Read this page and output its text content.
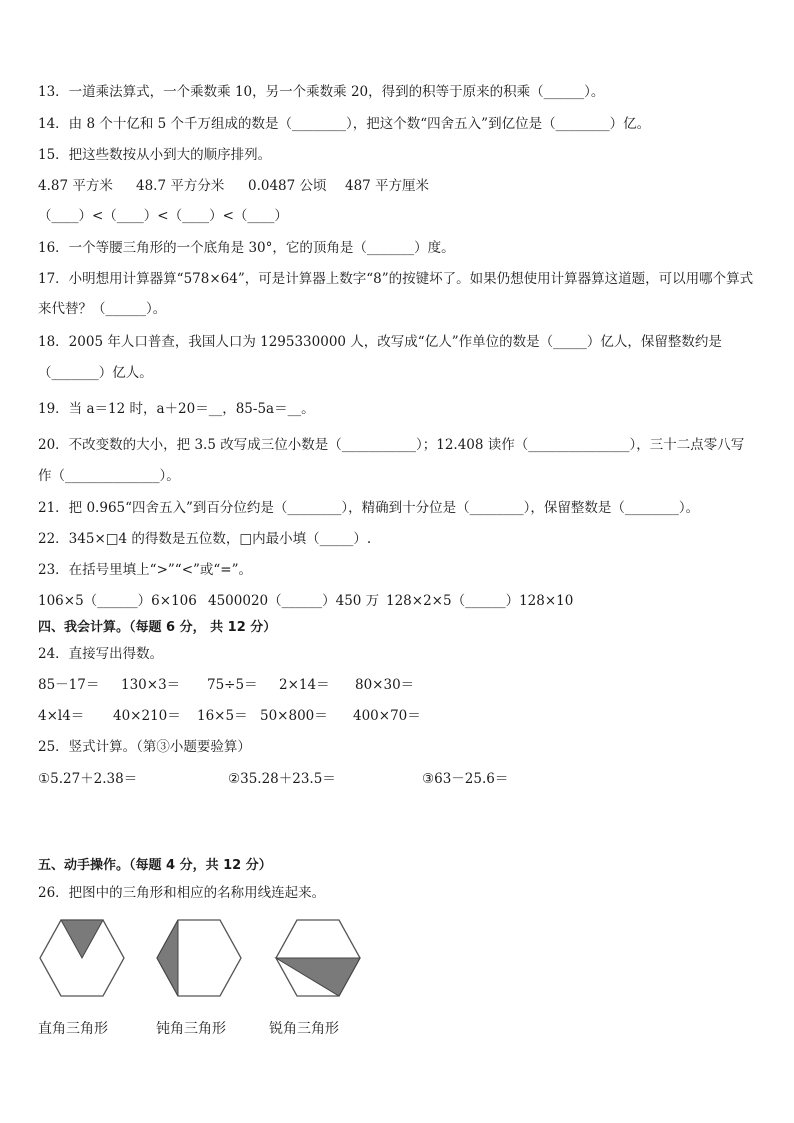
13．一道乘法算式，一个乘数乘 10，另一个乘数乘 20，得到的积等于原来的积乘（______）。
14．由 8 个十亿和 5 个千万组成的数是（________），把这个数“四舍五入”到亿位是（________）亿。
15．把这些数按从小到大的顺序排列。
4.87 平方米 48.7 平方分米 0.0487 公顷 487 平方厘米
（____）<（____）<（____）<（____）
16．一个等腰三角形的一个底角是 30°，它的顶角是（_______）度。
17．小明想用计算器算“578×64”，可是计算器上数字“8”的按键坏了。如果仍想使用计算器算这道题，可以用哪个算式
来代替？（______）。
18．2005 年人口普查，我国人口为 1295330000 人，改写成“亿人”作单位的数是（_____）亿人，保留整数约是
（_______）亿人。
19．当 a＝12 时，a＋20＝__，85-5a＝__。
20．不改变数的大小，把 3.5 改写成三位小数是（___________）；12.408 读作（_______________），三十二点零八写
作（______________）。
21．把 0.965“四舍五入”到百分位约是（________），精确到十分位是（________），保留整数是（________）。
22．345×□4 的得数是五位数，□内最小填（_____）.
23．在括号里填上“>”“<”或“=”。
106×5（______）6×106 4500020（______）450 万 128×2×5（______）128×10
四、我会计算。（每题 6 分， 共 12 分）
24．直接写出得数。
85－17＝ 130×3＝ 75÷5＝ 2×14＝ 80×30＝
4×l4＝ 40×210＝ 16×5＝ 50×800＝ 400×70＝
25．竖式计算。（第③小题要验算）
①5.27＋2.38＝	②35.28＋23.5＝	③63－25.6＝
五、动手操作。（每题 4 分，共 12 分）
26．把图中的三角形和相应的名称用线连起来。
直角三角形	钝角三角形	锐角三角形
